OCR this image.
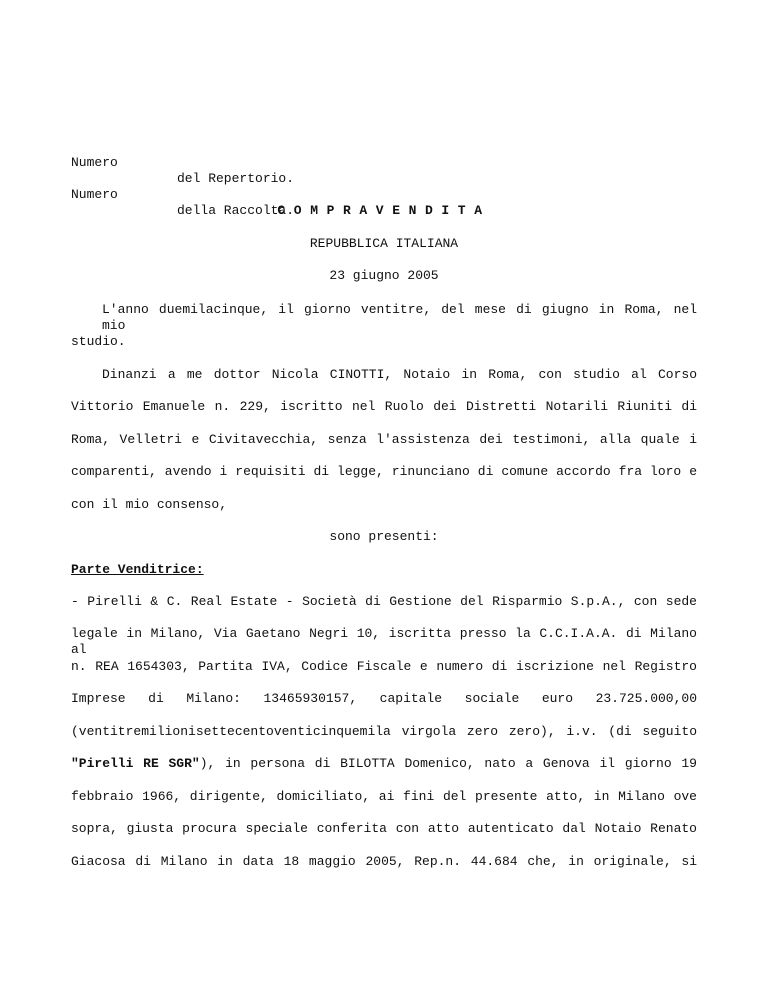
Numero

del Repertorio.

Numero

della Raccolta.

COMPRAVENDITA
REPUBBLICA ITALIANA
23 giugno 2005
L'anno duemilacinque, il giorno ventitre, del mese di giugno in Roma, nel mio
studio.
Dinanzi a me dottor Nicola CINOTTI, Notaio in Roma, con studio al Corso
Vittorio Emanuele n. 229, iscritto nel Ruolo dei Distretti Notarili Riuniti di
Roma, Velletri e Civitavecchia, senza l'assistenza dei testimoni, alla quale i
comparenti, avendo i requisiti di legge, rinunciano di comune accordo fra loro e
con il mio consenso,
sono presenti:
Parte Venditrice:
- Pirelli & C. Real Estate - Società di Gestione del Risparmio S.p.A., con sede
legale in Milano, Via Gaetano Negri 10, iscritta presso la C.C.I.A.A. di Milano al
n. REA 1654303, Partita IVA, Codice Fiscale e numero di iscrizione nel Registro
Imprese di Milano: 13465930157, capitale sociale euro 23.725.000,00
(ventitremilionisettecentoventicinquemila virgola zero zero), i.v. (di seguito
"Pirelli RE SGR"), in persona di BILOTTA Domenico, nato a Genova il giorno 19
febbraio 1966, dirigente, domiciliato, ai fini del presente atto, in Milano ove
sopra, giusta procura speciale conferita con atto autenticato dal Notaio Renato
Giacosa di Milano in data 18 maggio 2005, Rep.n. 44.684 che, in originale, si
